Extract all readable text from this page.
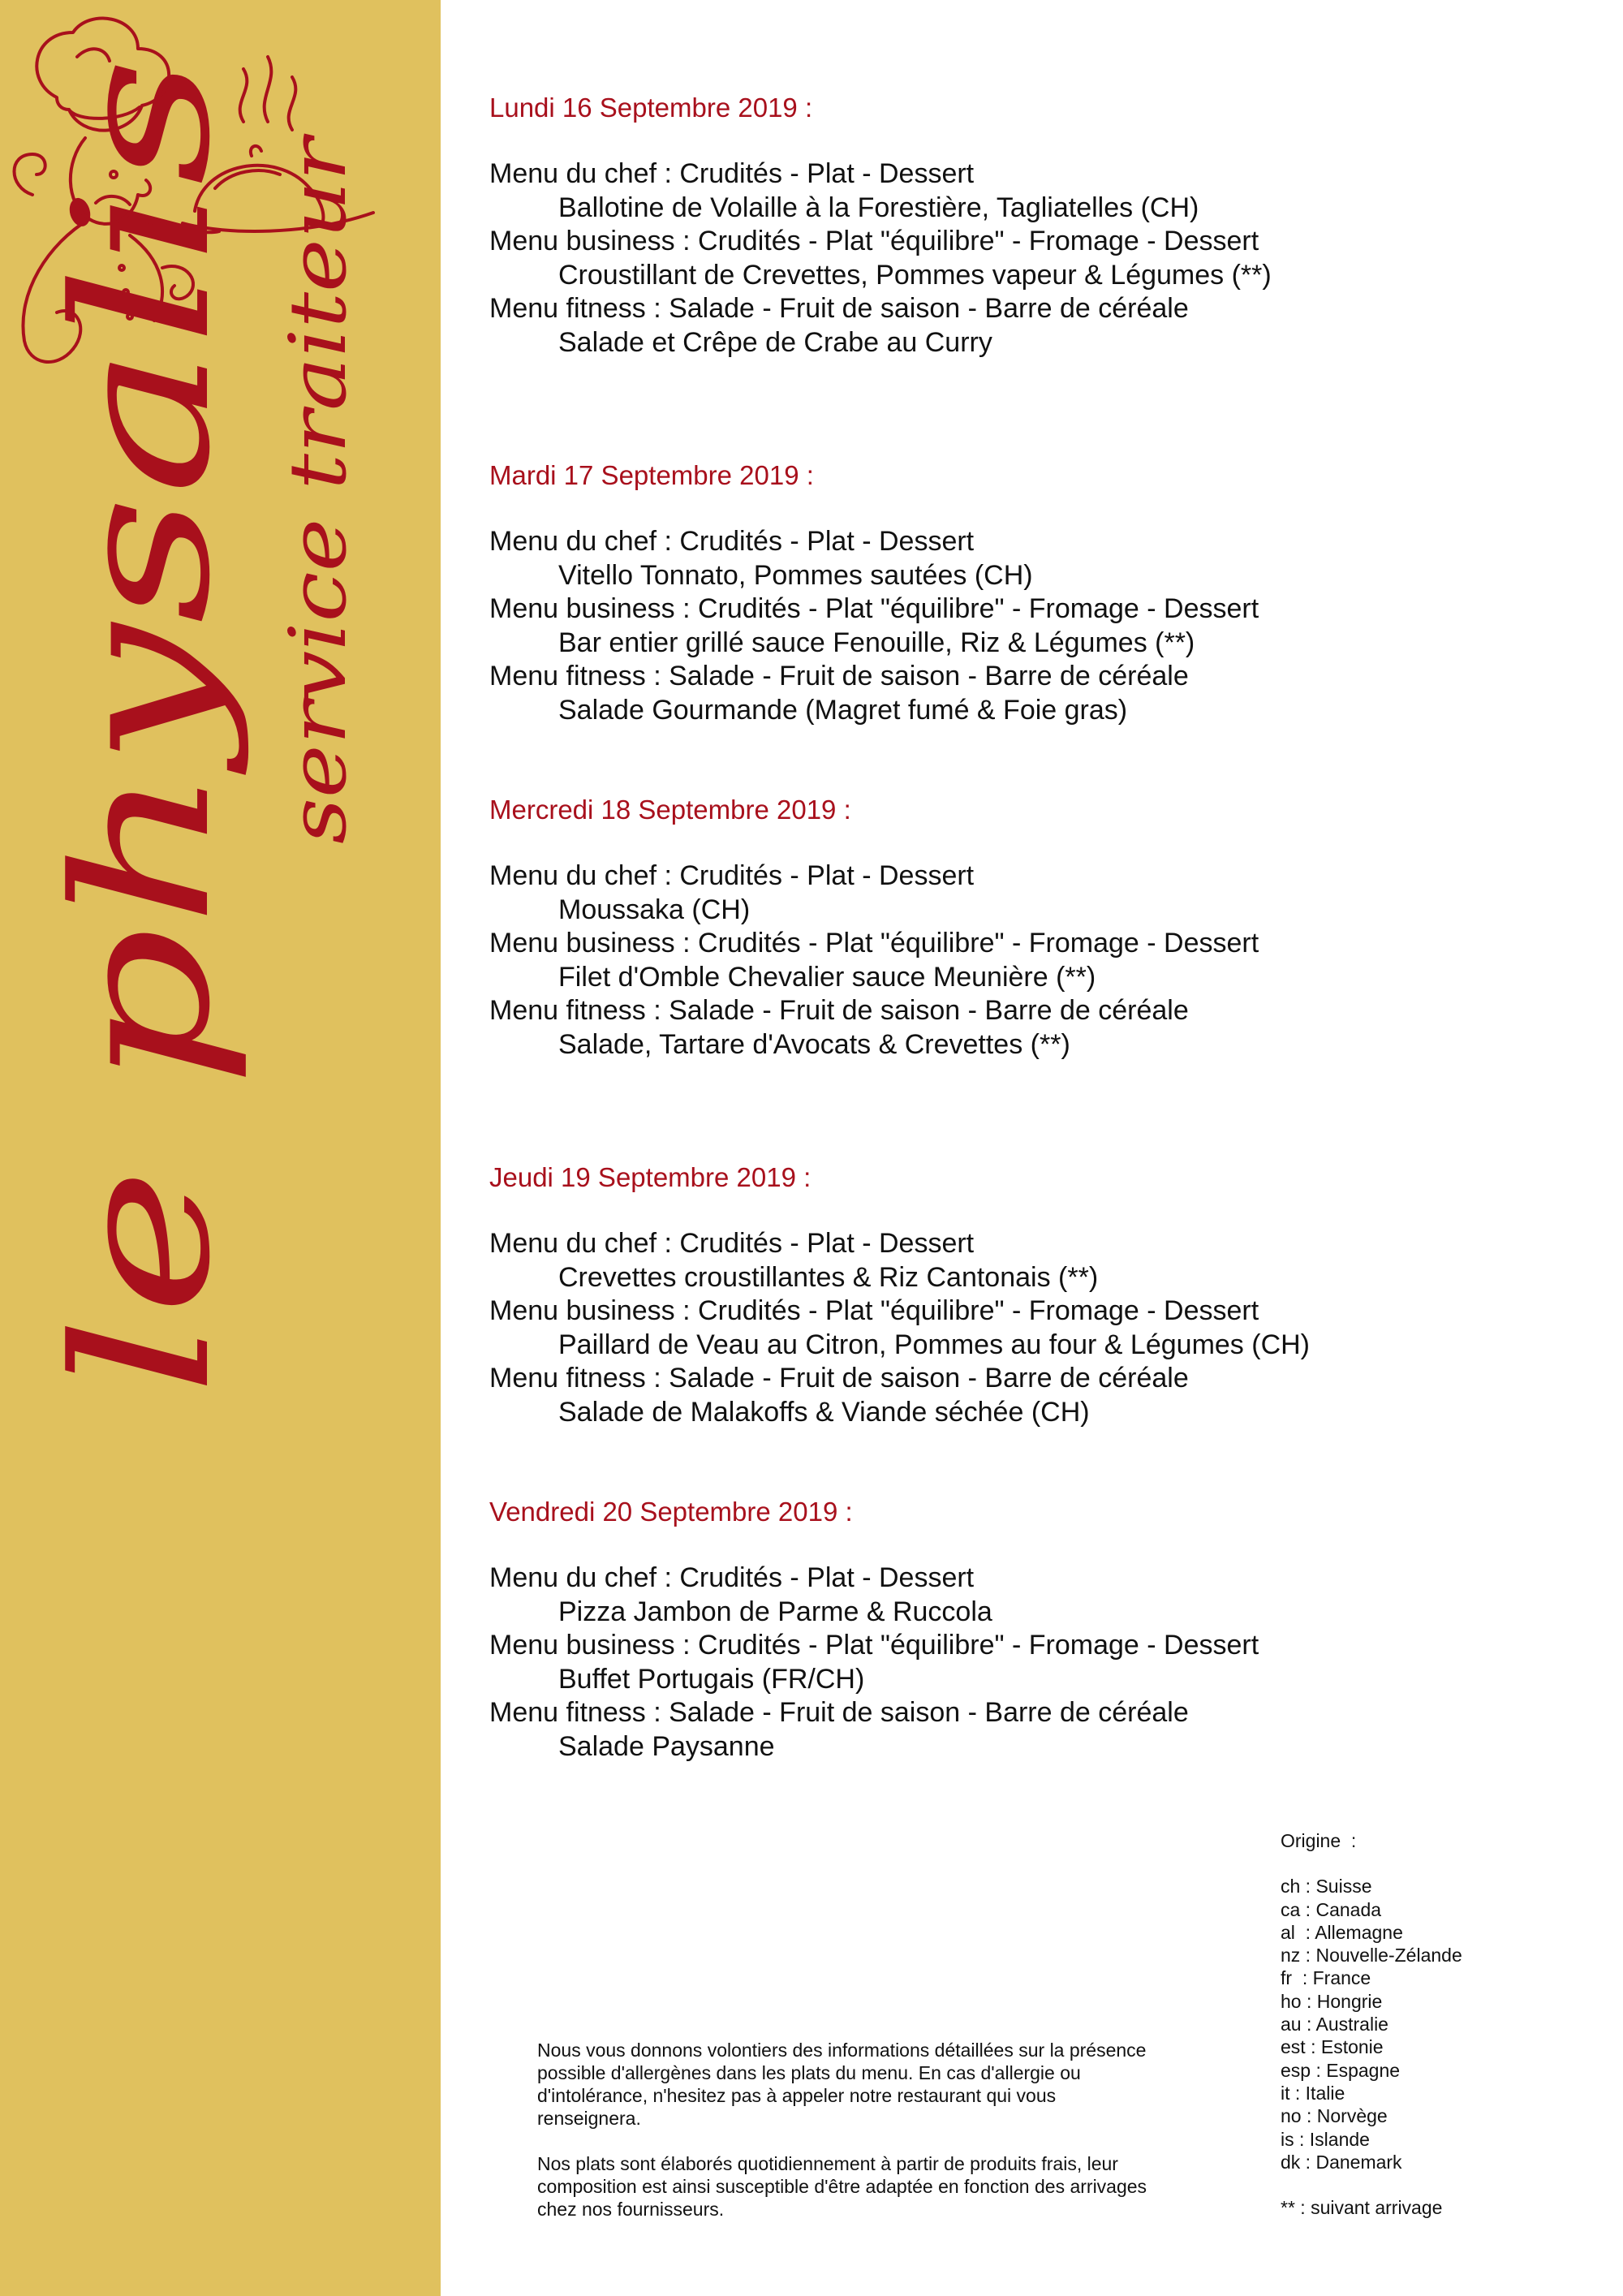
le physalis service traiteur
Lundi 16 Septembre 2019 :
Menu du chef : Crudités - Plat - Dessert
Ballotine de Volaille à la Forestière, Tagliatelles (CH)
Menu business : Crudités - Plat "équilibre" - Fromage - Dessert
Croustillant de Crevettes, Pommes vapeur & Légumes (**)
Menu fitness : Salade - Fruit de saison - Barre de céréale
Salade et Crêpe de Crabe au Curry
Mardi 17 Septembre 2019 :
Menu du chef : Crudités - Plat - Dessert
Vitello Tonnato, Pommes sautées (CH)
Menu business : Crudités - Plat "équilibre" - Fromage - Dessert
Bar entier grillé sauce Fenouille, Riz & Légumes (**)
Menu fitness : Salade - Fruit de saison - Barre de céréale
Salade Gourmande (Magret fumé & Foie gras)
Mercredi 18 Septembre 2019 :
Menu du chef : Crudités - Plat - Dessert
Moussaka (CH)
Menu business : Crudités - Plat "équilibre" - Fromage - Dessert
Filet d'Omble Chevalier sauce Meunière (**)
Menu fitness : Salade - Fruit de saison - Barre de céréale
Salade, Tartare d'Avocats & Crevettes (**)
Jeudi 19 Septembre 2019 :
Menu du chef : Crudités - Plat - Dessert
Crevettes croustillantes & Riz Cantonais (**)
Menu business : Crudités - Plat "équilibre" - Fromage - Dessert
Paillard de Veau au Citron, Pommes au four & Légumes (CH)
Menu fitness : Salade - Fruit de saison - Barre de céréale
Salade de Malakoffs & Viande séchée (CH)
Vendredi 20 Septembre 2019 :
Menu du chef : Crudités - Plat - Dessert
Pizza Jambon de Parme & Ruccola
Menu business : Crudités - Plat "équilibre" - Fromage - Dessert
Buffet Portugais (FR/CH)
Menu fitness : Salade - Fruit de saison - Barre de céréale
Salade Paysanne

Nous vous donnons volontiers des informations détaillées sur la présence possible d'allergènes dans les plats du menu. En cas d'allergie ou d'intolérance, n'hesitez pas à appeler notre restaurant qui vous renseignera.

Nos plats sont élaborés quotidiennement à partir de produits frais, leur composition est ainsi susceptible d'être adaptée en fonction des arrivages chez nos fournisseurs.

Origine  :
ch : Suisse
ca : Canada
al  : Allemagne
nz : Nouvelle-Zélande
fr  : France
ho : Hongrie
au : Australie
est : Estonie
esp : Espagne
it : Italie
no : Norvège
is : Islande
dk : Danemark
** : suivant arrivage
